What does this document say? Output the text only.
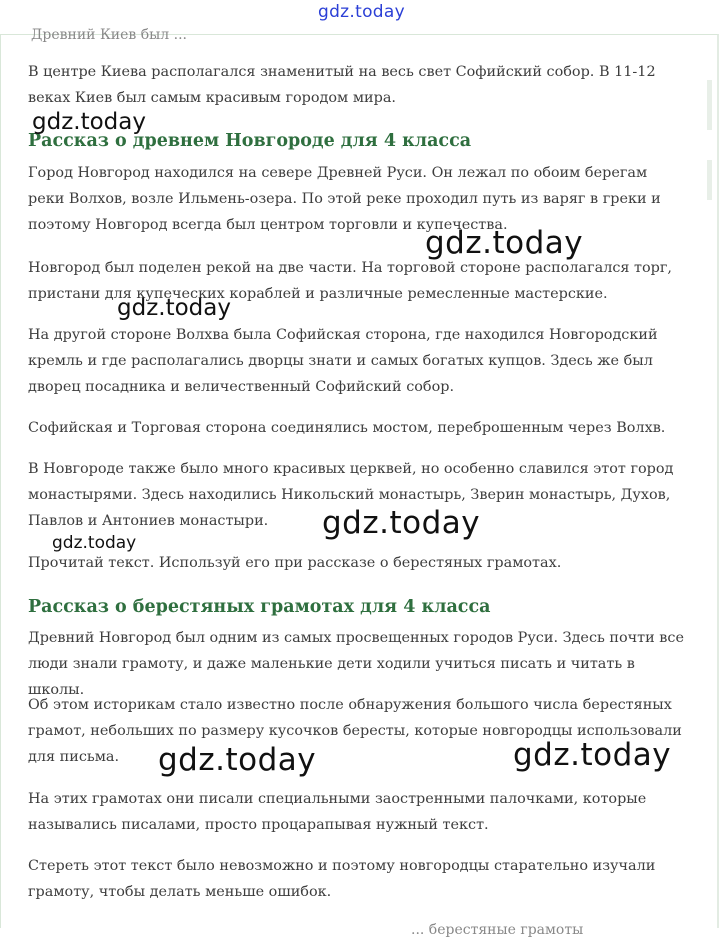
gdz.today
Древний Киев был ...

В центре Киева располагался знаменитый на весь свет Софийский собор. В 11-12 веках Киев был самым красивым городом мира.

Рассказ о древнем Новгороде для 4 класса

Город Новгород находился на севере Древней Руси. Он лежал по обоим берегам реки Волхов, возле Ильмень-озера. По этой реке проходил путь из варяг в греки и поэтому Новгород всегда был центром торговли и купечества.

Новгород был поделен рекой на две части. На торговой стороне располагался торг, пристани для купеческих кораблей и различные ремесленные мастерские.

На другой стороне Волхва была Софийская сторона, где находился Новгородский кремль и где располагались дворцы знати и самых богатых купцов. Здесь же был дворец посадника и величественный Софийский собор.

Софийская и Торговая сторона соединялись мостом, переброшенным через Волхв.

В Новгороде также было много красивых церквей, но особенно славился этот город монастырями. Здесь находились Никольский монастырь, Зверин монастырь, Духов, Павлов и Антониев монастыри.

Прочитай текст. Используй его при рассказе о берестяных грамотах.

Рассказ о берестяных грамотах для 4 класса

Древний Новгород был одним из самых просвещенных городов Руси. Здесь почти все люди знали грамоту, и даже маленькие дети ходили учиться писать и читать в школы.

Об этом историкам стало известно после обнаружения большого числа берестяных грамот, небольших по размеру кусочков бересты, которые новгородцы использовали для письма.

На этих грамотах они писали специальными заостренными палочками, которые назывались писалами, просто процарапывая нужный текст.

Стереть этот текст было невозможно и поэтому новгородцы старательно изучали грамоту, чтобы делать меньше ошибок.

... берестяные грамоты
gdz.today
gdz.today
gdz.today
gdz.today
gdz.today
gdz.today	gdz.today
